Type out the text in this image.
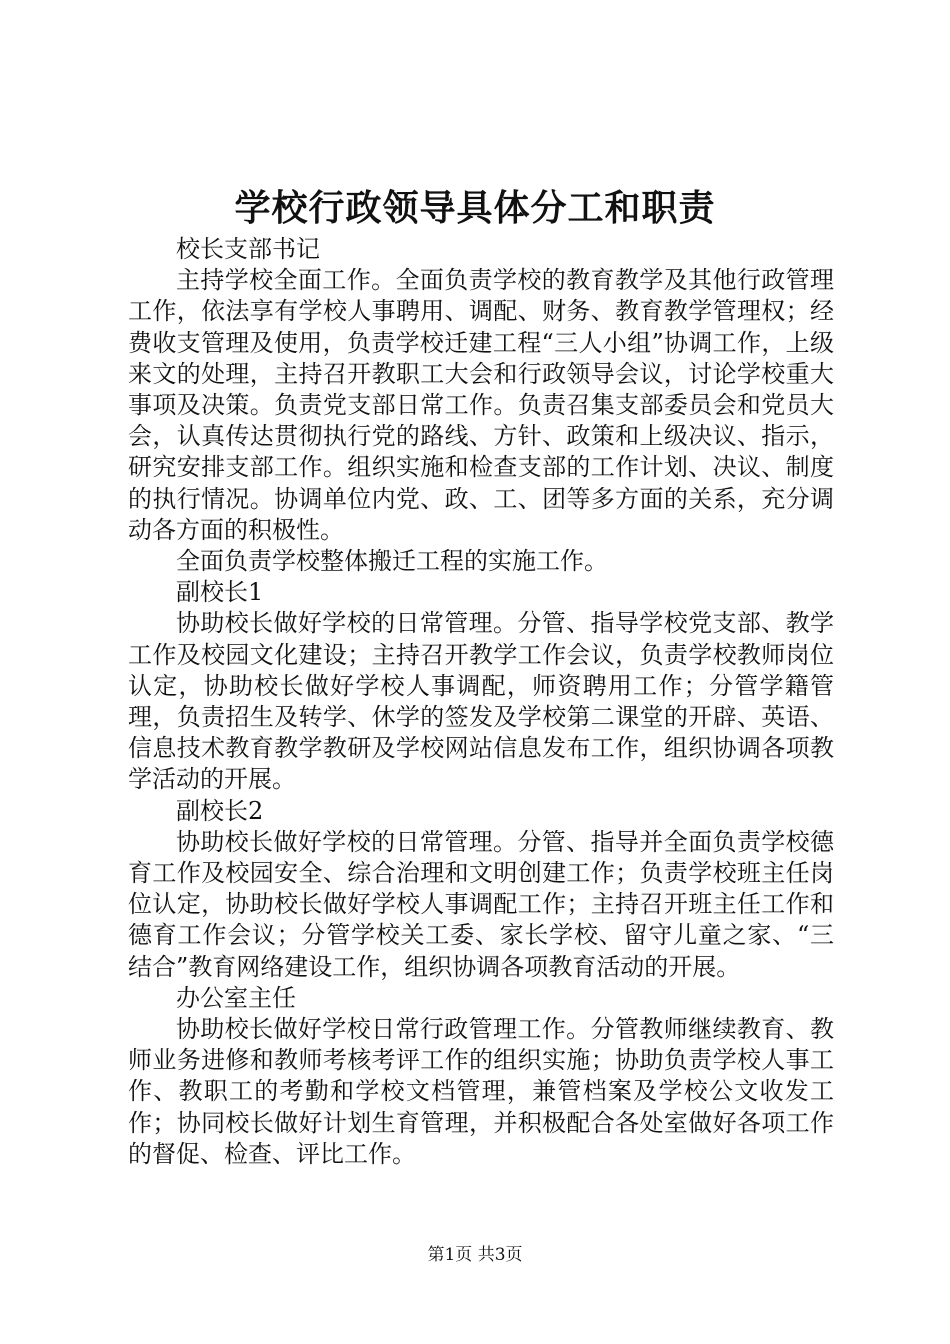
学校行政领导具体分工和职责

校长支部书记

主持学校全面工作。全面负责学校的教育教学及其他行政管理工作，依法享有学校人事聘用、调配、财务、教育教学管理权；经费收支管理及使用，负责学校迁建工程“三人小组”协调工作，上级来文的处理，主持召开教职工大会和行政领导会议，讨论学校重大事项及决策。负责党支部日常工作。负责召集支部委员会和党员大会，认真传达贯彻执行党的路线、方针、政策和上级决议、指示，研究安排支部工作。组织实施和检查支部的工作计划、决议、制度的执行情况。协调单位内党、政、工、团等多方面的关系，充分调动各方面的积极性。

全面负责学校整体搬迁工程的实施工作。

副校长1

协助校长做好学校的日常管理。分管、指导学校党支部、教学工作及校园文化建设；主持召开教学工作会议，负责学校教师岗位认定，协助校长做好学校人事调配，师资聘用工作；分管学籍管理，负责招生及转学、休学的签发及学校第二课堂的开辟、英语、信息技术教育教学教研及学校网站信息发布工作，组织协调各项教学活动的开展。

副校长2

协助校长做好学校的日常管理。分管、指导并全面负责学校德育工作及校园安全、综合治理和文明创建工作；负责学校班主任岗位认定，协助校长做好学校人事调配工作；主持召开班主任工作和德育工作会议；分管学校关工委、家长学校、留守儿童之家、“三结合”教育网络建设工作，组织协调各项教育活动的开展。

办公室主任

协助校长做好学校日常行政管理工作。分管教师继续教育、教师业务进修和教师考核考评工作的组织实施；协助负责学校人事工作、教职工的考勤和学校文档管理，兼管档案及学校公文收发工作；协同校长做好计划生育管理，并积极配合各处室做好各项工作的督促、检查、评比工作。

第1页 共3页
